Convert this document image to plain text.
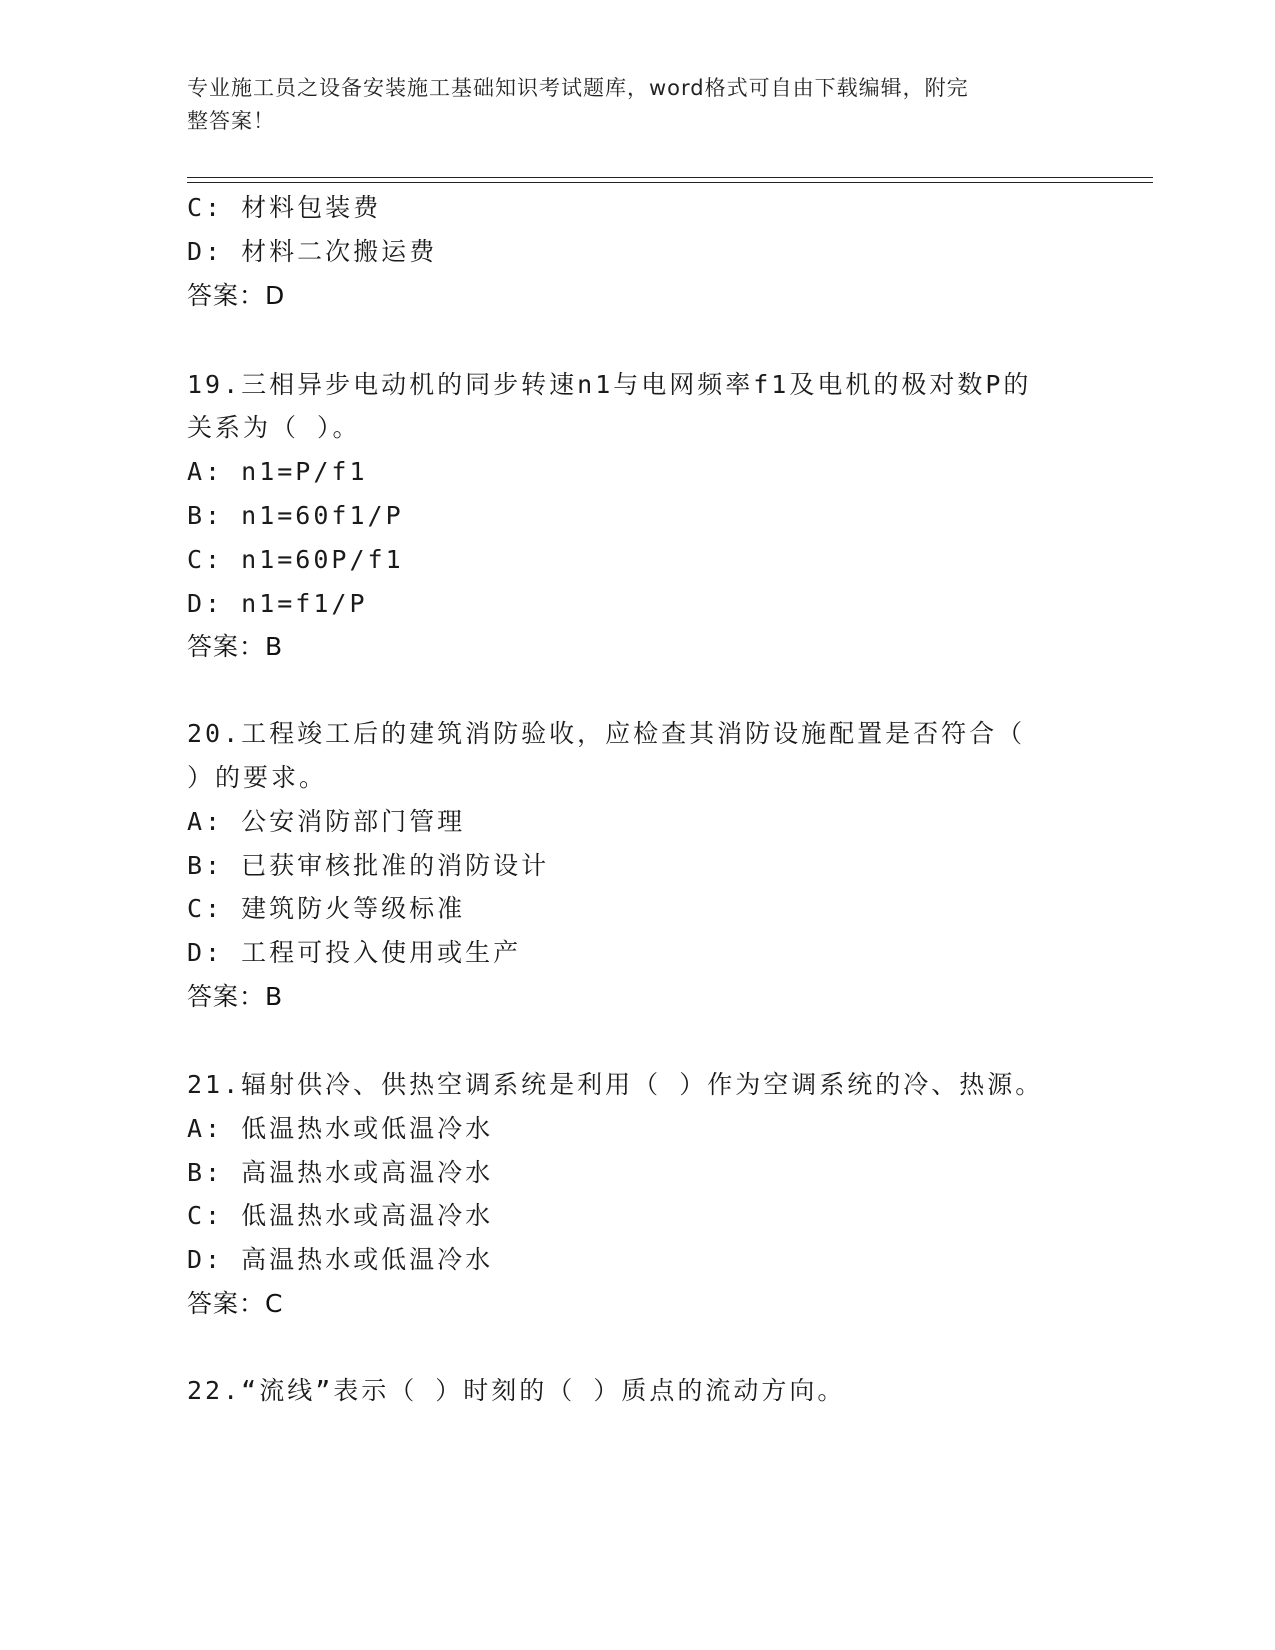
专业施工员之设备安装施工基础知识考试题库，word格式可自由下载编辑，附完
整答案！
C: 材料包装费
D: 材料二次搬运费
答案：D
19.三相异步电动机的同步转速n1与电网频率f1及电机的极对数P的
关系为（ ）。
A: n1=P/f1
B: n1=60f1/P
C: n1=60P/f1
D: n1=f1/P
答案：B
20.工程竣工后的建筑消防验收，应检查其消防设施配置是否符合（
）的要求。
A: 公安消防部门管理
B: 已获审核批准的消防设计
C: 建筑防火等级标准
D: 工程可投入使用或生产
答案：B
21.辐射供冷、供热空调系统是利用（ ）作为空调系统的冷、热源。
A: 低温热水或低温冷水
B: 高温热水或高温冷水
C: 低温热水或高温冷水
D: 高温热水或低温冷水
答案：C
22.“流线”表示（ ）时刻的（ ）质点的流动方向。
